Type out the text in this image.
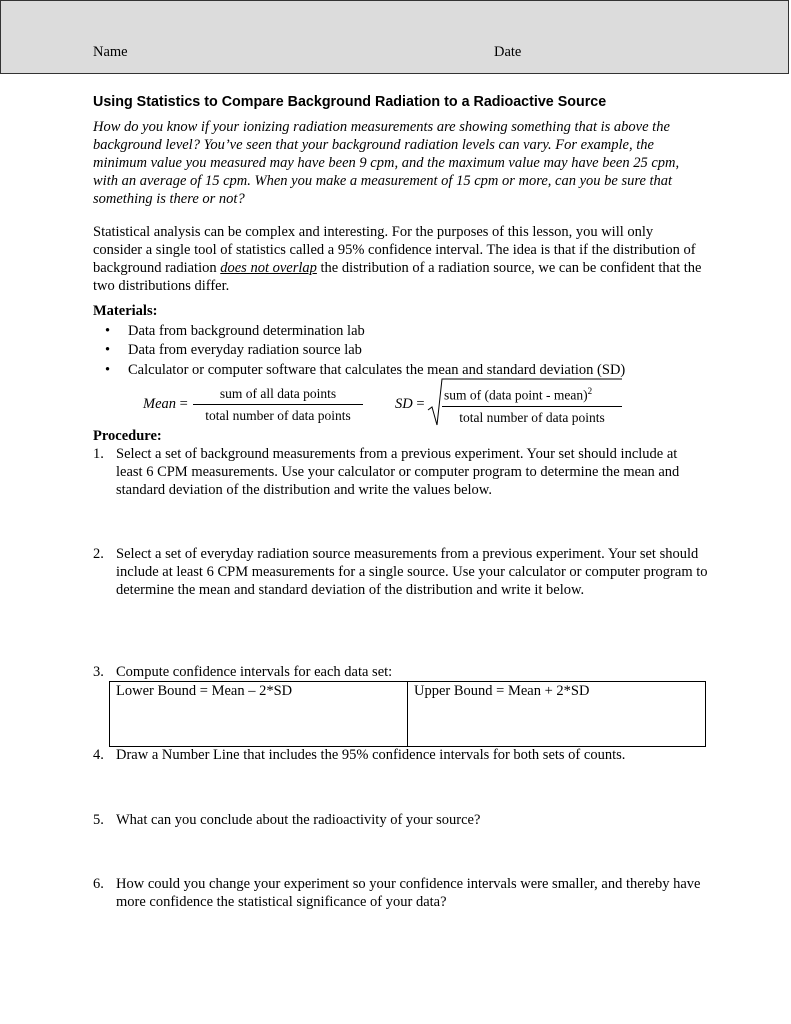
Name	Date
Using Statistics to Compare Background Radiation to a Radioactive Source

How do you know if your ionizing radiation measurements are showing something that is above the background level? You’ve seen that your background radiation levels can vary. For example, the minimum value you measured may have been 9 cpm, and the maximum value may have been 25 cpm, with an average of 15 cpm. When you make a measurement of 15 cpm or more, can you be sure that something is there or not?

Statistical analysis can be complex and interesting. For the purposes of this lesson, you will only consider a single tool of statistics called a 95% confidence interval. The idea is that if the distribution of background radiation does not overlap the distribution of a radiation source, we can be confident that the two distributions differ.

Materials:
• Data from background determination lab
• Data from everyday radiation source lab
• Calculator or computer software that calculates the mean and standard deviation (SD)
Mean =
sum of all data points
total number of data points
SD =
sum of (data point - mean)$^2$
total number of data points
Procedure:
1. Select a set of background measurements from a previous experiment. Your set should include at least 6 CPM measurements. Use your calculator or computer program to determine the mean and standard deviation of the distribution and write the values below.
2. Select a set of everyday radiation source measurements from a previous experiment. Your set should include at least 6 CPM measurements for a single source. Use your calculator or computer program to determine the mean and standard deviation of the distribution and write it below.
3. Compute confidence intervals for each data set:
Lower Bound = Mean – 2*SD	Upper Bound = Mean + 2*SD
4. Draw a Number Line that includes the 95% confidence intervals for both sets of counts.
5. What can you conclude about the radioactivity of your source?
6. How could you change your experiment so your confidence intervals were smaller, and thereby have more confidence the statistical significance of your data?
